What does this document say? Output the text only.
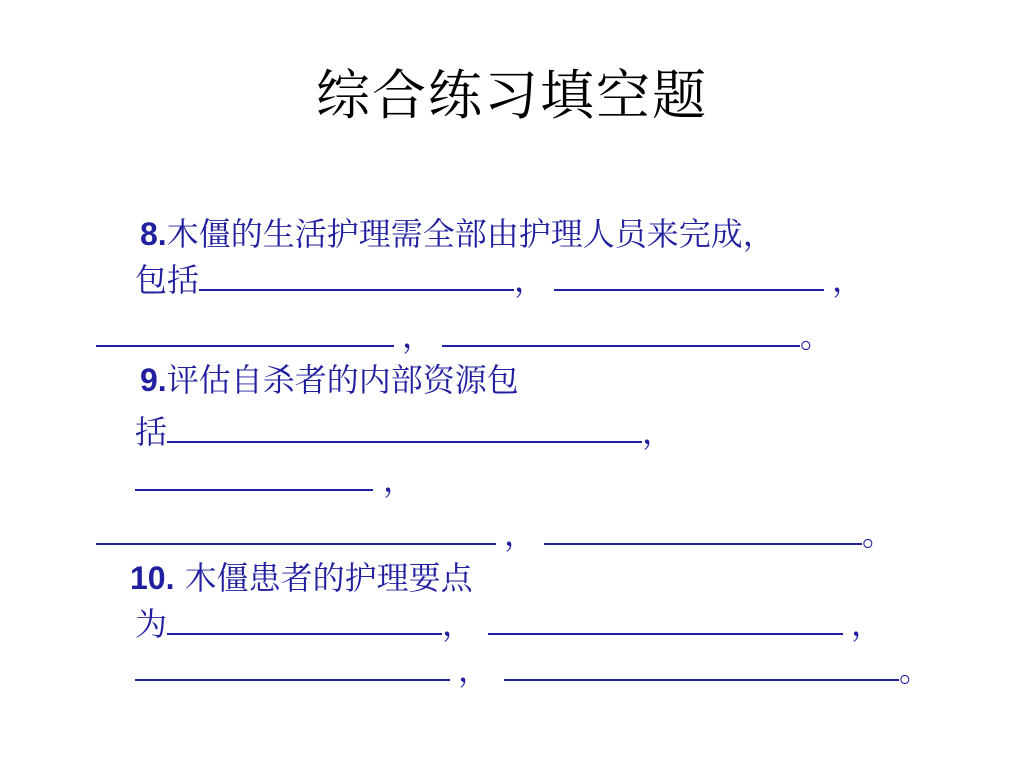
综合练习填空题
8.木僵的生活护理需全部由护理人员来完成，
包括	，	，
，	。
9.评估自杀者的内部资源包
括	，
，
，	。
10. 木僵患者的护理要点
为	，	，
，	。
